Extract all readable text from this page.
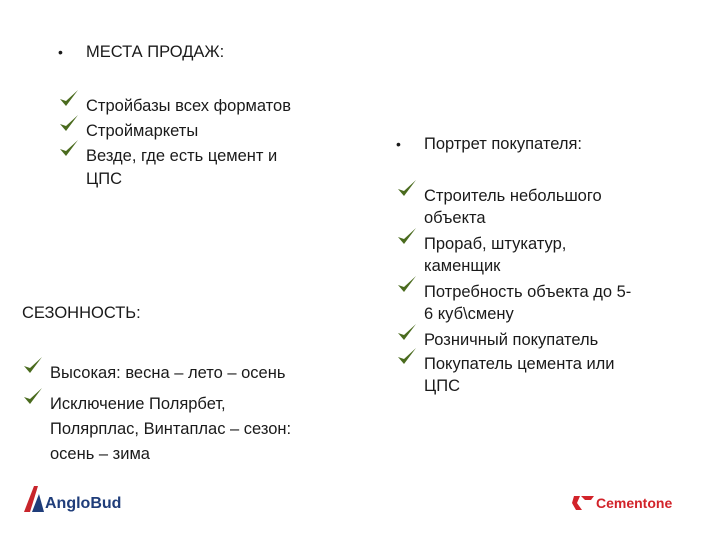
• МЕСТА ПРОДАЖ:
Стройбазы всех форматов
Строймаркеты
Везде, где есть цемент и
ЦПС
СЕЗОННОСТЬ:
Высокая: весна – лето – осень
Исключение Полярбет,
Полярплас, Винтаплас – сезон:
осень – зима
• Портрет покупателя:
Строитель небольшого
объекта
Прораб, штукатур,
каменщик
Потребность объекта до 5-
6 куб\смену
Розничный покупатель
Покупатель цемента или
ЦПС
AngloBud	Cementone
